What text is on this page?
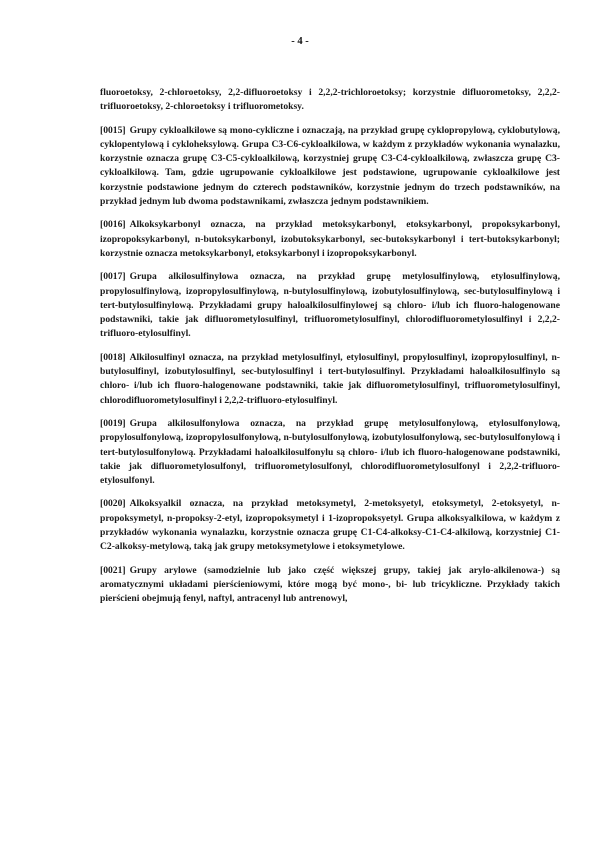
- 4 -

fluoroetoksy, 2-chloroetoksy, 2,2-difluoroetoksy i 2,2,2-trichloroetoksy; korzystnie difluorometoksy, 2,2,2-trifluoroetoksy, 2-chloroetoksy i trifluorometoksy.

[0015] Grupy cykloalkilowe są mono-cykliczne i oznaczają, na przykład grupę cyklopropylową, cyklobutylową, cyklopentylową i cykloheksylową. Grupa C3-C6-cykloalkilowa, w każdym z przykładów wykonania wynalazku, korzystnie oznacza grupę C3-C5-cykloalkilową, korzystniej grupę C3-C4-cykloalkilową, zwłaszcza grupę C3-cykloalkilową. Tam, gdzie ugrupowanie cykloalkilowe jest podstawione, ugrupowanie cykloalkilowe jest korzystnie podstawione jednym do czterech podstawników, korzystnie jednym do trzech podstawników, na przykład jednym lub dwoma podstawnikami, zwłaszcza jednym podstawnikiem.

[0016] Alkoksykarbonyl oznacza, na przykład metoksykarbonyl, etoksykarbonyl, propoksykarbonyl, izopropoksykarbonyl, n-butoksykarbonyl, izobutoksykarbonyl, sec-butoksykarbonyl i tert-butoksykarbonyl; korzystnie oznacza metoksykarbonyl, etoksykarbonyl i izopropoksykarbonyl.

[0017] Grupa alkilosulfinylowa oznacza, na przykład grupę metylosulfinylową, etylosulfinylową, propylosulfinylową, izopropylosulfinylową, n-butylosulfinylową, izobutylosulfinylową, sec-butylosulfinylową i tert-butylosulfinylową. Przykładami grupy haloalkilosulfinylowej są chloro- i/lub ich fluoro-halogenowane podstawniki, takie jak difluorometylosulfinyl, trifluorometylosulfinyl, chlorodifluorometylosulfinyl i 2,2,2-trifluoro-etylosulfinyl.

[0018] Alkilosulfinyl oznacza, na przykład metylosulfinyl, etylosulfinyl, propylosulfinyl, izopropylosulfinyl, n-butylosulfinyl, izobutylosulfinyl, sec-butylosulfinyl i tert-butylosulfinyl. Przykładami haloalkilosulfinylo są chloro- i/lub ich fluoro-halogenowane podstawniki, takie jak difluorometylosulfinyl, trifluorometylosulfinyl, chlorodifluorometylosulfinyl i 2,2,2-trifluoro-etylosulfinyl.

[0019] Grupa alkilosulfonylowa oznacza, na przykład grupę metylosulfonylową, etylosulfonylową, propylosulfonylową, izopropylosulfonylową, n-butylosulfonylową, izobutylosulfonylową, sec-butylosulfonylową i tert-butylosulfonylową. Przykładami haloalkilosulfonylu są chloro- i/lub ich fluoro-halogenowane podstawniki, takie jak difluorometylosulfonyl, trifluorometylosulfonyl, chlorodifluorometylosulfonyl i 2,2,2-trifluoro-etylosulfonyl.

[0020] Alkoksyalkil oznacza, na przykład metoksymetyl, 2-metoksyetyl, etoksymetyl, 2-etoksyetyl, n-propoksymetyl, n-propoksy-2-etyl, izopropoksymetyl i 1-izopropoksyetyl. Grupa alkoksyalkilowa, w każdym z przykładów wykonania wynalazku, korzystnie oznacza grupę C1-C4-alkoksy-C1-C4-alkilową, korzystniej C1-C2-alkoksy-metylową, taką jak grupy metoksymetylowe i etoksymetylowe.

[0021] Grupy arylowe (samodzielnie lub jako część większej grupy, takiej jak arylo-alkilenowa-) są aromatycznymi układami pierścieniowymi, które mogą być mono-, bi- lub tricykliczne. Przykłady takich pierścieni obejmują fenyl, naftyl, antracenyl lub antrenowyl,
